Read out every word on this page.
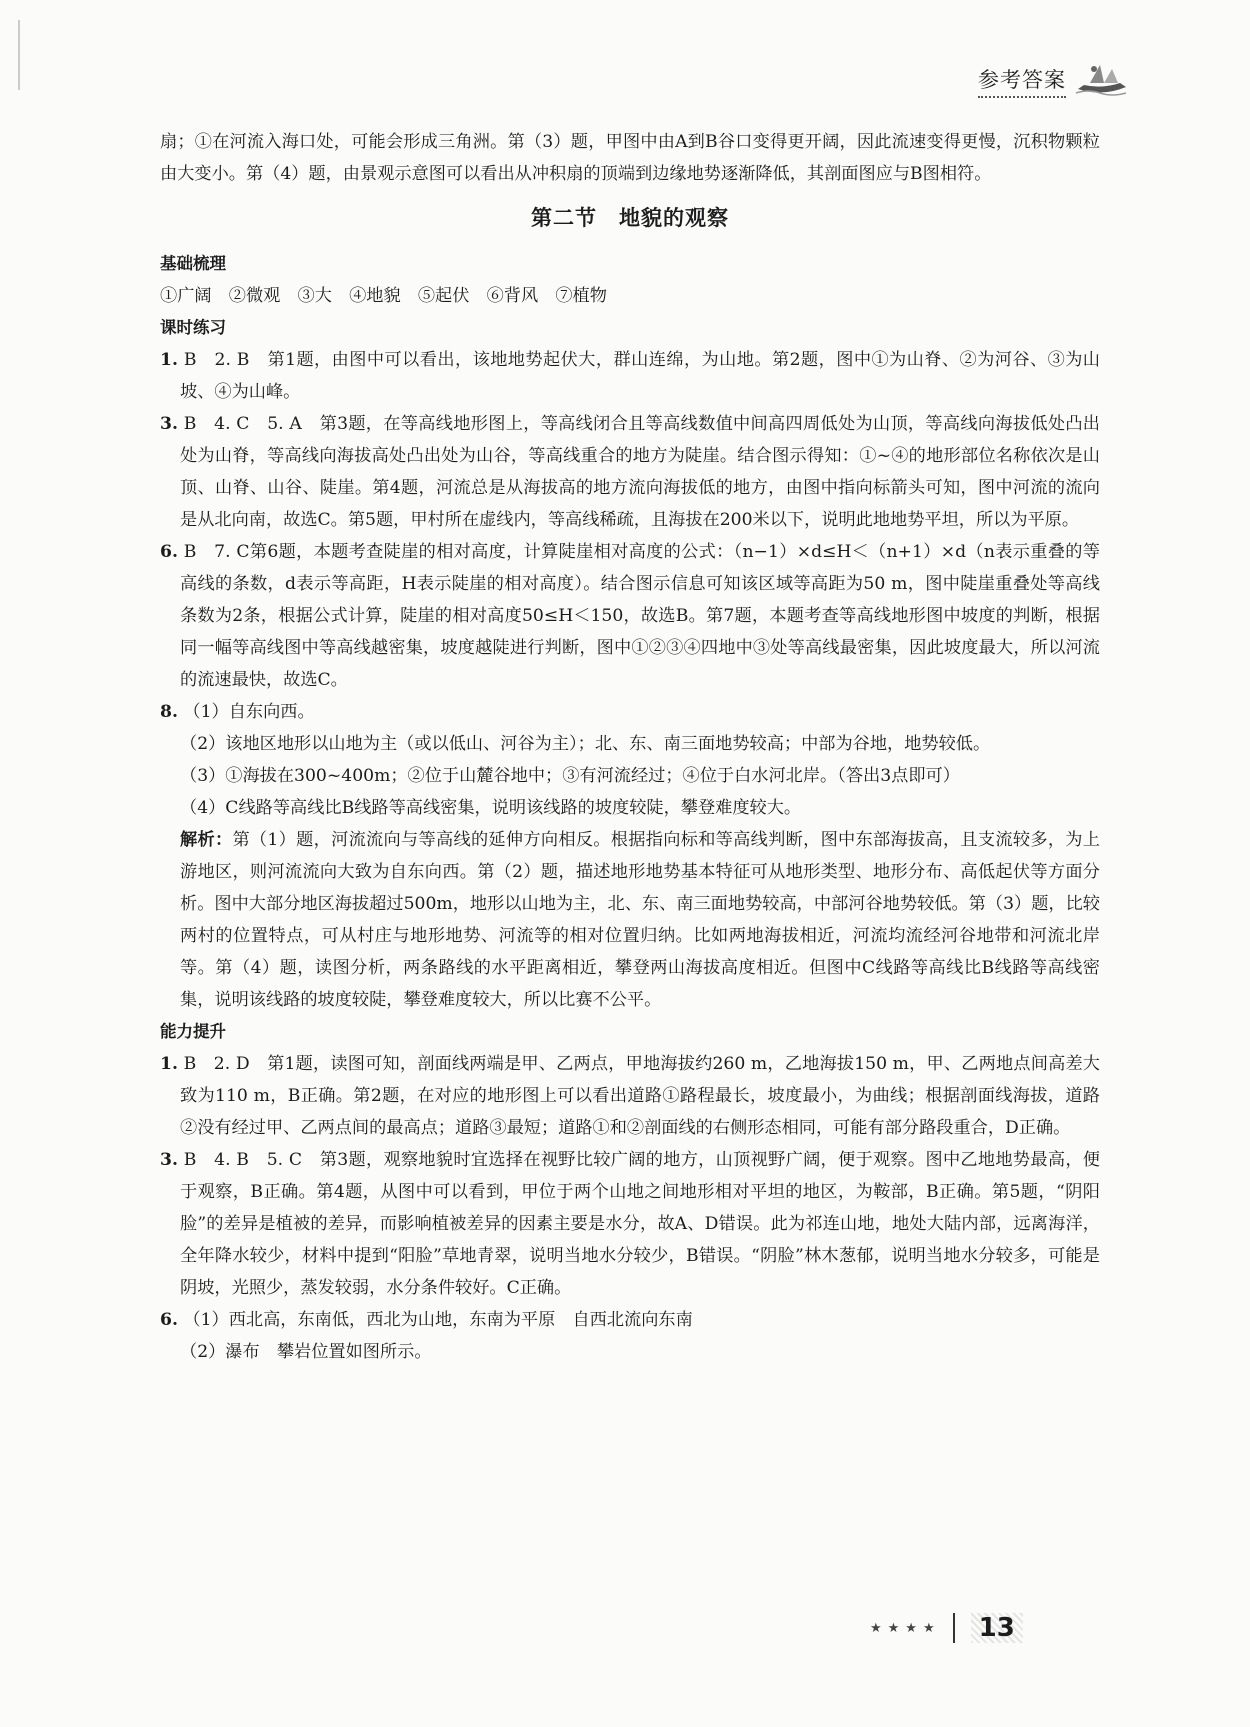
参考答案

扇；①在河流入海口处，可能会形成三角洲。第（3）题，甲图中由A到B谷口变得更开阔，因此流速变得更慢，沉积物颗粒由大变小。第（4）题，由景观示意图可以看出从冲积扇的顶端到边缘地势逐渐降低，其剖面图应与B图相符。

第二节　地貌的观察

基础梳理

①广阔　②微观　③大　④地貌　⑤起伏　⑥背风　⑦植物

课时练习

1. B　2. B　第1题，由图中可以看出，该地地势起伏大，群山连绵，为山地。第2题，图中①为山脊、②为河谷、③为山坡、④为山峰。

3. B　4. C　5. A　第3题，在等高线地形图上，等高线闭合且等高线数值中间高四周低处为山顶，等高线向海拔低处凸出处为山脊，等高线向海拔高处凸出处为山谷，等高线重合的地方为陡崖。结合图示得知：①~④的地形部位名称依次是山顶、山脊、山谷、陡崖。第4题，河流总是从海拔高的地方流向海拔低的地方，由图中指向标箭头可知，图中河流的流向是从北向南，故选C。第5题，甲村所在虚线内，等高线稀疏，且海拔在200米以下，说明此地地势平坦，所以为平原。

6. B　7. C第6题，本题考查陡崖的相对高度，计算陡崖相对高度的公式：（n−1）×d≤H＜（n+1）×d（n表示重叠的等高线的条数，d表示等高距，H表示陡崖的相对高度）。结合图示信息可知该区域等高距为50 m，图中陡崖重叠处等高线条数为2条，根据公式计算，陡崖的相对高度50≤H＜150，故选B。第7题，本题考查等高线地形图中坡度的判断，根据同一幅等高线图中等高线越密集，坡度越陡进行判断，图中①②③④四地中③处等高线最密集，因此坡度最大，所以河流的流速最快，故选C。

8. （1）自东向西。

（2）该地区地形以山地为主（或以低山、河谷为主）；北、东、南三面地势较高；中部为谷地，地势较低。

（3）①海拔在300~400m；②位于山麓谷地中；③有河流经过；④位于白水河北岸。（答出3点即可）

（4）C线路等高线比B线路等高线密集，说明该线路的坡度较陡，攀登难度较大。

解析：第（1）题，河流流向与等高线的延伸方向相反。根据指向标和等高线判断，图中东部海拔高，且支流较多，为上游地区，则河流流向大致为自东向西。第（2）题，描述地形地势基本特征可从地形类型、地形分布、高低起伏等方面分析。图中大部分地区海拔超过500m，地形以山地为主，北、东、南三面地势较高，中部河谷地势较低。第（3）题，比较两村的位置特点，可从村庄与地形地势、河流等的相对位置归纳。比如两地海拔相近，河流均流经河谷地带和河流北岸等。第（4）题，读图分析，两条路线的水平距离相近，攀登两山海拔高度相近。但图中C线路等高线比B线路等高线密集，说明该线路的坡度较陡，攀登难度较大，所以比赛不公平。

能力提升

1. B　2. D　第1题，读图可知，剖面线两端是甲、乙两点，甲地海拔约260 m，乙地海拔150 m，甲、乙两地点间高差大致为110 m，B正确。第2题，在对应的地形图上可以看出道路①路程最长，坡度最小，为曲线；根据剖面线海拔，道路②没有经过甲、乙两点间的最高点；道路③最短；道路①和②剖面线的右侧形态相同，可能有部分路段重合，D正确。

3. B　4. B　5. C　第3题，观察地貌时宜选择在视野比较广阔的地方，山顶视野广阔，便于观察。图中乙地地势最高，便于观察，B正确。第4题，从图中可以看到，甲位于两个山地之间地形相对平坦的地区，为鞍部，B正确。第5题，“阴阳脸”的差异是植被的差异，而影响植被差异的因素主要是水分，故A、D错误。此为祁连山地，地处大陆内部，远离海洋，全年降水较少，材料中提到“阳脸”草地青翠，说明当地水分较少，B错误。“阴脸”林木葱郁，说明当地水分较多，可能是阴坡，光照少，蒸发较弱，水分条件较好。C正确。

6. （1）西北高，东南低，西北为山地，东南为平原　自西北流向东南

（2）瀑布　攀岩位置如图所示。

★★★★	13
